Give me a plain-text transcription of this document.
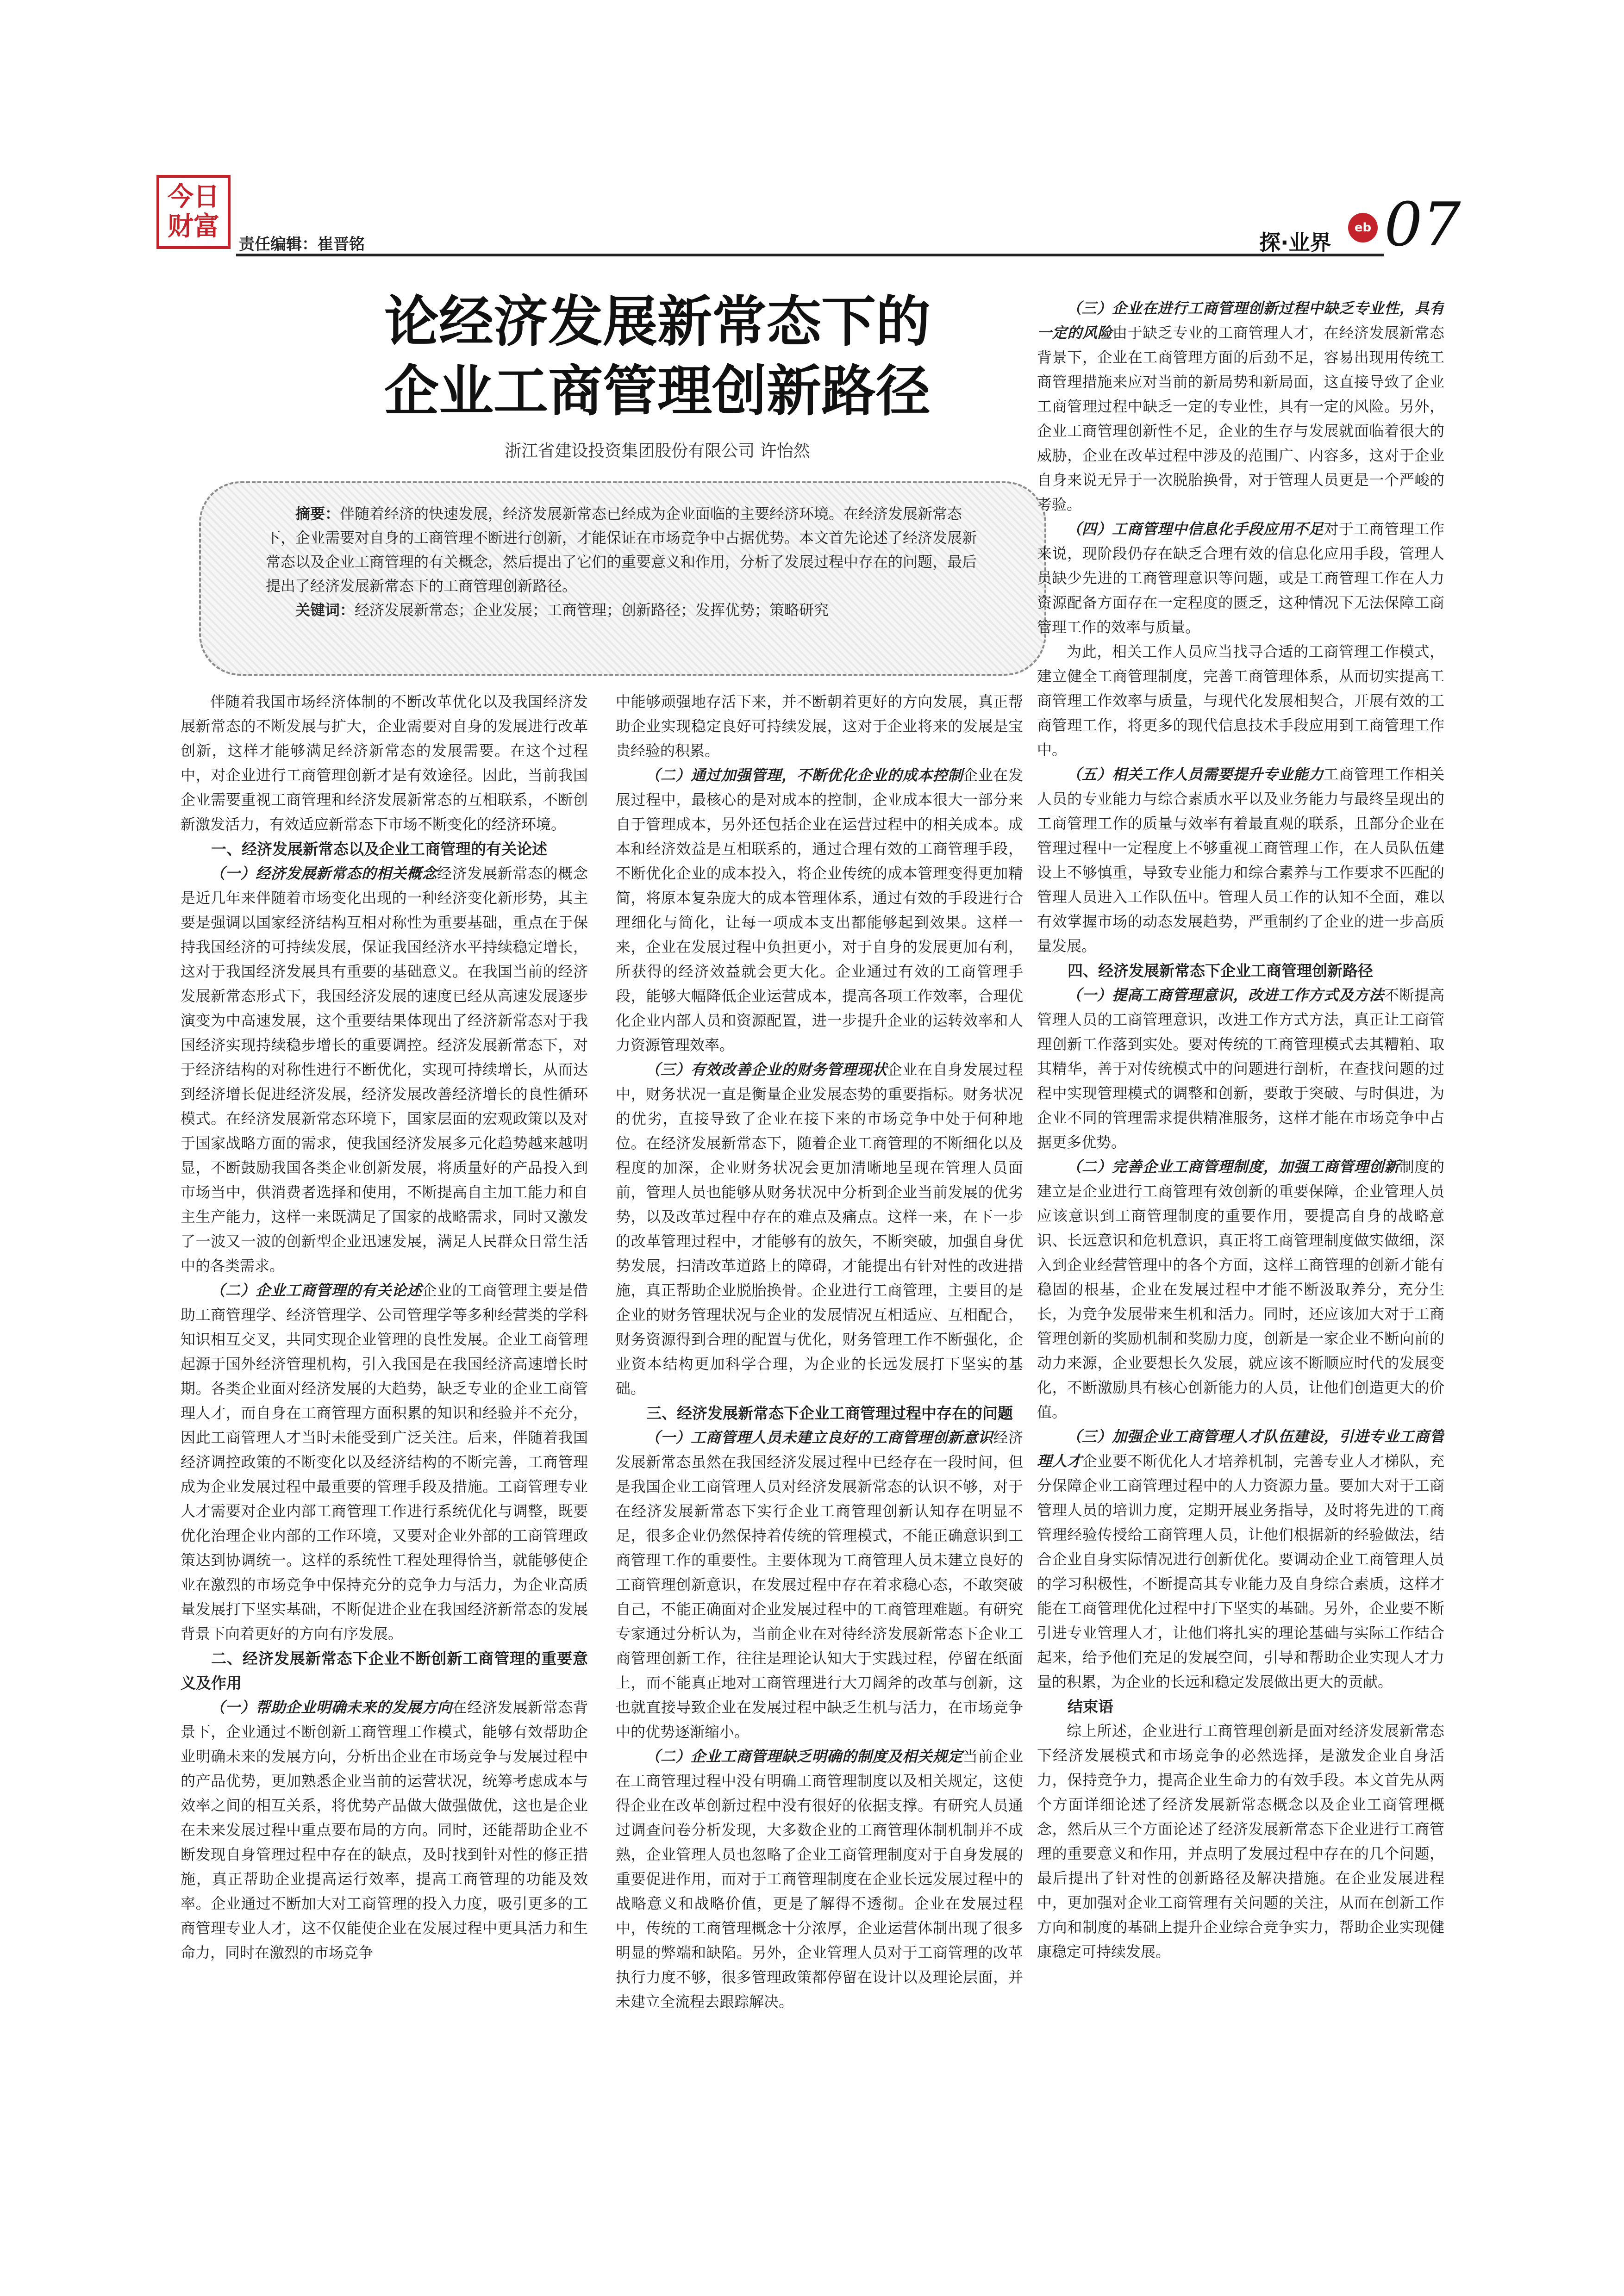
今日
财富
责任编辑：崔晋铭	探·业界
eb 07
论经济发展新常态下的
企业工商管理创新路径
浙江省建设投资集团股份有限公司 许怡然

摘要：伴随着经济的快速发展，经济发展新常态已经成为企业面临的主要经济环境。在经济发展新常态下，企业需要对自身的工商管理不断进行创新，才能保证在市场竞争中占据优势。本文首先论述了经济发展新常态以及企业工商管理的有关概念，然后提出了它们的重要意义和作用，分析了发展过程中存在的问题，最后提出了经济发展新常态下的工商管理创新路径。

关键词：经济发展新常态；企业发展；工商管理；创新路径；发挥优势；策略研究

伴随着我国市场经济体制的不断改革优化以及我国经济发展新常态的不断发展与扩大，企业需要对自身的发展进行改革创新，这样才能够满足经济新常态的发展需要。在这个过程中，对企业进行工商管理创新才是有效途径。因此，当前我国企业需要重视工商管理和经济发展新常态的互相联系，不断创新激发活力，有效适应新常态下市场不断变化的经济环境。

一、经济发展新常态以及企业工商管理的有关论述

（一）经济发展新常态的相关概念经济发展新常态的概念是近几年来伴随着市场变化出现的一种经济变化新形势，其主要是强调以国家经济结构互相对称性为重要基础，重点在于保持我国经济的可持续发展，保证我国经济水平持续稳定增长，这对于我国经济发展具有重要的基础意义。在我国当前的经济发展新常态形式下，我国经济发展的速度已经从高速发展逐步演变为中高速发展，这个重要结果体现出了经济新常态对于我国经济实现持续稳步增长的重要调控。经济发展新常态下，对于经济结构的对称性进行不断优化，实现可持续增长，从而达到经济增长促进经济发展，经济发展改善经济增长的良性循环模式。在经济发展新常态环境下，国家层面的宏观政策以及对于国家战略方面的需求，使我国经济发展多元化趋势越来越明显，不断鼓励我国各类企业创新发展，将质量好的产品投入到市场当中，供消费者选择和使用，不断提高自主加工能力和自主生产能力，这样一来既满足了国家的战略需求，同时又激发了一波又一波的创新型企业迅速发展，满足人民群众日常生活中的各类需求。

（二）企业工商管理的有关论述企业的工商管理主要是借助工商管理学、经济管理学、公司管理学等多种经营类的学科知识相互交叉，共同实现企业管理的良性发展。企业工商管理起源于国外经济管理机构，引入我国是在我国经济高速增长时期。各类企业面对经济发展的大趋势，缺乏专业的企业工商管理人才，而自身在工商管理方面积累的知识和经验并不充分，因此工商管理人才当时未能受到广泛关注。后来，伴随着我国经济调控政策的不断变化以及经济结构的不断完善，工商管理成为企业发展过程中最重要的管理手段及措施。工商管理专业人才需要对企业内部工商管理工作进行系统优化与调整，既要优化治理企业内部的工作环境，又要对企业外部的工商管理政策达到协调统一。这样的系统性工程处理得恰当，就能够使企业在激烈的市场竞争中保持充分的竞争力与活力，为企业高质量发展打下坚实基础，不断促进企业在我国经济新常态的发展背景下向着更好的方向有序发展。

二、经济发展新常态下企业不断创新工商管理的重要意义及作用

（一）帮助企业明确未来的发展方向在经济发展新常态背景下，企业通过不断创新工商管理工作模式，能够有效帮助企业明确未来的发展方向，分析出企业在市场竞争与发展过程中的产品优势，更加熟悉企业当前的运营状况，统筹考虑成本与效率之间的相互关系，将优势产品做大做强做优，这也是企业在未来发展过程中重点要布局的方向。同时，还能帮助企业不断发现自身管理过程中存在的缺点，及时找到针对性的修正措施，真正帮助企业提高运行效率，提高工商管理的功能及效率。企业通过不断加大对工商管理的投入力度，吸引更多的工商管理专业人才，这不仅能使企业在发展过程中更具活力和生命力，同时在激烈的市场竞争

中能够顽强地存活下来，并不断朝着更好的方向发展，真正帮助企业实现稳定良好可持续发展，这对于企业将来的发展是宝贵经验的积累。

（二）通过加强管理，不断优化企业的成本控制企业在发展过程中，最核心的是对成本的控制，企业成本很大一部分来自于管理成本，另外还包括企业在运营过程中的相关成本。成本和经济效益是互相联系的，通过合理有效的工商管理手段，不断优化企业的成本投入，将企业传统的成本管理变得更加精简，将原本复杂庞大的成本管理体系，通过有效的手段进行合理细化与简化，让每一项成本支出都能够起到效果。这样一来，企业在发展过程中负担更小，对于自身的发展更加有利，所获得的经济效益就会更大化。企业通过有效的工商管理手段，能够大幅降低企业运营成本，提高各项工作效率，合理优化企业内部人员和资源配置，进一步提升企业的运转效率和人力资源管理效率。

（三）有效改善企业的财务管理现状企业在自身发展过程中，财务状况一直是衡量企业发展态势的重要指标。财务状况的优劣，直接导致了企业在接下来的市场竞争中处于何种地位。在经济发展新常态下，随着企业工商管理的不断细化以及程度的加深，企业财务状况会更加清晰地呈现在管理人员面前，管理人员也能够从财务状况中分析到企业当前发展的优劣势，以及改革过程中存在的难点及痛点。这样一来，在下一步的改革管理过程中，才能够有的放矢，不断突破，加强自身优势发展，扫清改革道路上的障碍，才能提出有针对性的改进措施，真正帮助企业脱胎换骨。企业进行工商管理，主要目的是企业的财务管理状况与企业的发展情况互相适应、互相配合，财务资源得到合理的配置与优化，财务管理工作不断强化，企业资本结构更加科学合理，为企业的长远发展打下坚实的基础。

三、经济发展新常态下企业工商管理过程中存在的问题

（一）工商管理人员未建立良好的工商管理创新意识经济发展新常态虽然在我国经济发展过程中已经存在一段时间，但是我国企业工商管理人员对经济发展新常态的认识不够，对于在经济发展新常态下实行企业工商管理创新认知存在明显不足，很多企业仍然保持着传统的管理模式，不能正确意识到工商管理工作的重要性。主要体现为工商管理人员未建立良好的工商管理创新意识，在发展过程中存在着求稳心态，不敢突破自己，不能正确面对企业发展过程中的工商管理难题。有研究专家通过分析认为，当前企业在对待经济发展新常态下企业工商管理创新工作，往往是理论认知大于实践过程，停留在纸面上，而不能真正地对工商管理进行大刀阔斧的改革与创新，这也就直接导致企业在发展过程中缺乏生机与活力，在市场竞争中的优势逐渐缩小。

（二）企业工商管理缺乏明确的制度及相关规定当前企业在工商管理过程中没有明确工商管理制度以及相关规定，这使得企业在改革创新过程中没有很好的依据支撑。有研究人员通过调查问卷分析发现，大多数企业的工商管理体制机制并不成熟，企业管理人员也忽略了企业工商管理制度对于自身发展的重要促进作用，而对于工商管理制度在企业长远发展过程中的战略意义和战略价值，更是了解得不透彻。企业在发展过程中，传统的工商管理概念十分浓厚，企业运营体制出现了很多明显的弊端和缺陷。另外，企业管理人员对于工商管理的改革执行力度不够，很多管理政策都停留在设计以及理论层面，并未建立全流程去跟踪解决。

（三）企业在进行工商管理创新过程中缺乏专业性，具有一定的风险由于缺乏专业的工商管理人才，在经济发展新常态背景下，企业在工商管理方面的后劲不足，容易出现用传统工商管理措施来应对当前的新局势和新局面，这直接导致了企业工商管理过程中缺乏一定的专业性，具有一定的风险。另外，企业工商管理创新性不足，企业的生存与发展就面临着很大的威胁，企业在改革过程中涉及的范围广、内容多，这对于企业自身来说无异于一次脱胎换骨，对于管理人员更是一个严峻的考验。

（四）工商管理中信息化手段应用不足对于工商管理工作来说，现阶段仍存在缺乏合理有效的信息化应用手段，管理人员缺少先进的工商管理意识等问题，或是工商管理工作在人力资源配备方面存在一定程度的匮乏，这种情况下无法保障工商管理工作的效率与质量。

为此，相关工作人员应当找寻合适的工商管理工作模式，建立健全工商管理制度，完善工商管理体系，从而切实提高工商管理工作效率与质量，与现代化发展相契合，开展有效的工商管理工作，将更多的现代信息技术手段应用到工商管理工作中。

（五）相关工作人员需要提升专业能力工商管理工作相关人员的专业能力与综合素质水平以及业务能力与最终呈现出的工商管理工作的质量与效率有着最直观的联系，且部分企业在管理过程中一定程度上不够重视工商管理工作，在人员队伍建设上不够慎重，导致专业能力和综合素养与工作要求不匹配的管理人员进入工作队伍中。管理人员工作的认知不全面，难以有效掌握市场的动态发展趋势，严重制约了企业的进一步高质量发展。

四、经济发展新常态下企业工商管理创新路径

（一）提高工商管理意识，改进工作方式及方法不断提高管理人员的工商管理意识，改进工作方式方法，真正让工商管理创新工作落到实处。要对传统的工商管理模式去其糟粕、取其精华，善于对传统模式中的问题进行剖析，在查找问题的过程中实现管理模式的调整和创新，要敢于突破、与时俱进，为企业不同的管理需求提供精准服务，这样才能在市场竞争中占据更多优势。

（二）完善企业工商管理制度，加强工商管理创新制度的建立是企业进行工商管理有效创新的重要保障，企业管理人员应该意识到工商管理制度的重要作用，要提高自身的战略意识、长远意识和危机意识，真正将工商管理制度做实做细，深入到企业经营管理中的各个方面，这样工商管理的创新才能有稳固的根基，企业在发展过程中才能不断汲取养分，充分生长，为竞争发展带来生机和活力。同时，还应该加大对于工商管理创新的奖励机制和奖励力度，创新是一家企业不断向前的动力来源，企业要想长久发展，就应该不断顺应时代的发展变化，不断激励具有核心创新能力的人员，让他们创造更大的价值。

（三）加强企业工商管理人才队伍建设，引进专业工商管理人才企业要不断优化人才培养机制，完善专业人才梯队，充分保障企业工商管理过程中的人力资源力量。要加大对于工商管理人员的培训力度，定期开展业务指导，及时将先进的工商管理经验传授给工商管理人员，让他们根据新的经验做法，结合企业自身实际情况进行创新优化。要调动企业工商管理人员的学习积极性，不断提高其专业能力及自身综合素质，这样才能在工商管理优化过程中打下坚实的基础。另外，企业要不断引进专业管理人才，让他们将扎实的理论基础与实际工作结合起来，给予他们充足的发展空间，引导和帮助企业实现人才力量的积累，为企业的长远和稳定发展做出更大的贡献。

结束语

综上所述，企业进行工商管理创新是面对经济发展新常态下经济发展模式和市场竞争的必然选择，是激发企业自身活力，保持竞争力，提高企业生命力的有效手段。本文首先从两个方面详细论述了经济发展新常态概念以及企业工商管理概念，然后从三个方面论述了经济发展新常态下企业进行工商管理的重要意义和作用，并点明了发展过程中存在的几个问题，最后提出了针对性的创新路径及解决措施。在企业发展进程中，更加强对企业工商管理有关问题的关注，从而在创新工作方向和制度的基础上提升企业综合竞争实力，帮助企业实现健康稳定可持续发展。
